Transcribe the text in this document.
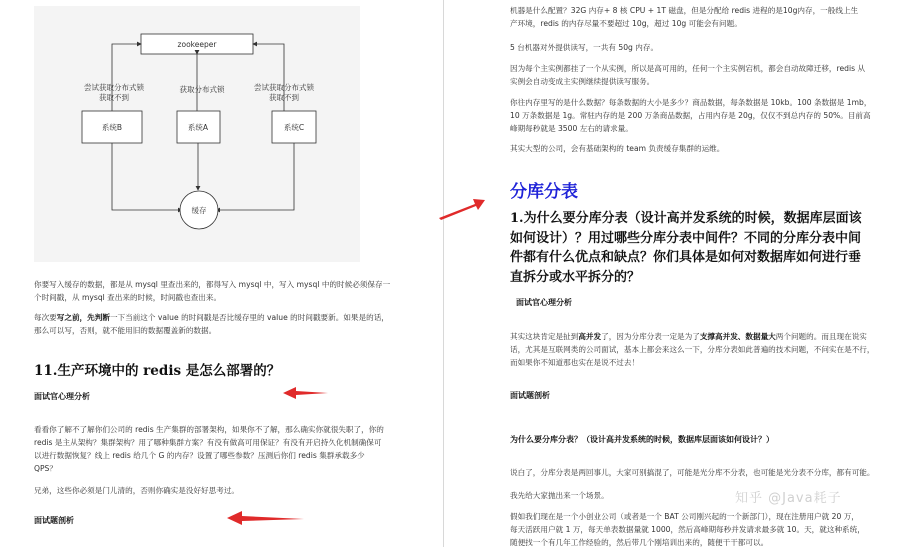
zookeeper
尝试获取分布式锁
获取不到
获取分布式锁	尝试获取分布式锁
获取不到
系统B	系统A	系统C
缓存
你要写入缓存的数据，都是从 mysql 里查出来的，都得写入 mysql 中，写入 mysql 中的时候必须保存一
个时间戳，从 mysql 查出来的时候，时间戳也查出来。
每次要写之前，先判断一下当前这个 value 的时间戳是否比缓存里的 value 的时间戳要新。如果是的话，
那么可以写，否则，就不能用旧的数据覆盖新的数据。
11.生产环境中的 redis 是怎么部署的？
面试官心理分析
看看你了解不了解你们公司的 redis 生产集群的部署架构，如果你不了解，那么确实你就很失职了，你的
redis 是主从架构？集群架构？用了哪种集群方案？有没有做高可用保证？有没有开启持久化机制确保可
以进行数据恢复？线上 redis 给几个 G 的内存？设置了哪些参数？压测后你们 redis 集群承载多少
QPS？
兄弟，这些你必须是门儿清的，否则你确实是没好好思考过。
面试题剖析
机器是什么配置？32G 内存+ 8 核 CPU + 1T 磁盘，但是分配给 redis 进程的是10g内存，一般线上生
产环境，redis 的内存尽量不要超过 10g，超过 10g 可能会有问题。
5 台机器对外提供读写，一共有 50g 内存。
因为每个主实例都挂了一个从实例，所以是高可用的，任何一个主实例宕机，都会自动故障迁移，redis 从
实例会自动变成主实例继续提供读写服务。
你往内存里写的是什么数据？每条数据的大小是多少？商品数据，每条数据是 10kb。100 条数据是 1mb，
10 万条数据是 1g。常驻内存的是 200 万条商品数据，占用内存是 20g，仅仅不到总内存的 50%。目前高
峰期每秒就是 3500 左右的请求量。
其实大型的公司，会有基础架构的 team 负责缓存集群的运维。
分库分表
1.为什么要分库分表（设计高并发系统的时候，数据库层面该
如何设计）？用过哪些分库分表中间件？不同的分库分表中间
件都有什么优点和缺点？你们具体是如何对数据库如何进行垂
直拆分或水平拆分的？
面试官心理分析
其实这块肯定是扯到高并发了，因为分库分表一定是为了支撑高并发、数据量大两个问题的。而且现在说实
话，尤其是互联网类的公司面试，基本上都会来这么一下，分库分表如此普遍的技术问题，不问实在是不行，
而如果你不知道那也实在是说不过去！
面试题剖析
为什么要分库分表？（设计高并发系统的时候，数据库层面该如何设计？）
说白了，分库分表是两回事儿，大家可别搞混了，可能是光分库不分表，也可能是光分表不分库，都有可能。
我先给大家抛出来一个场景。
假如我们现在是一个小创业公司（或者是一个 BAT 公司刚兴起的一个新部门），现在注册用户就 20 万，
每天活跃用户就 1 万，每天单表数据量就 1000，然后高峰期每秒并发请求最多就 10。天，就这种系统，
随便找一个有几年工作经验的，然后带几个刚培训出来的，随便干干都可以。
知乎 @Java耗子
